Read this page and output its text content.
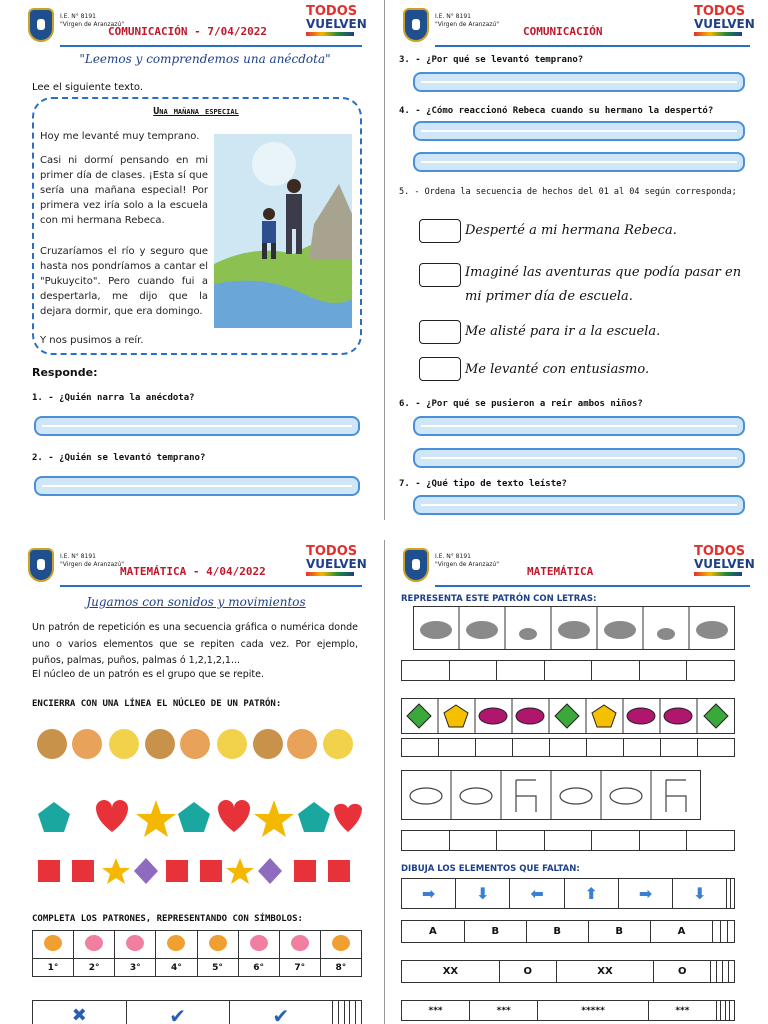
I.E. N° 8191
"Virgen de Aranzazú"
COMUNICACIÓN - 7/04/2022
TODOS
VUELVEN
"Leemos y comprendemos una anécdota"
Lee el siguiente texto.
Una mañana especial
Hoy me levanté muy temprano.
Casi ni dormí pensando en mi primer día de clases. ¡Esta sí que sería una mañana especial! Por primera vez iría solo a la escuela con mi hermana Rebeca.
Cruzaríamos el río y seguro que hasta nos pondríamos a cantar el "Pukuycito". Pero cuando fui a despertarla, me dijo que la dejara dormir, que era domingo.
Y nos pusimos a reír.
Responde:
1. - ¿Quién narra la anécdota?
2. - ¿Quién se levantó temprano?
I.E. N° 8191
"Virgen de Aranzazú"
COMUNICACIÓN
TODOS
VUELVEN
3. - ¿Por qué se levantó temprano?
4. - ¿Cómo reaccionó Rebeca cuando su hermano la despertó?
5. - Ordena la secuencia de hechos del 01 al 04 según corresponda;
Desperté a mi hermana Rebeca.
Imaginé las aventuras que podía pasar en mi primer día de escuela.
Me alisté para ir a la escuela.
Me levanté con entusiasmo.
6. - ¿Por qué se pusieron a reír ambos niños?
7. - ¿Qué tipo de texto leíste?
I.E. N° 8191
"Virgen de Aranzazú"
MATEMÁTICA - 4/04/2022
TODOS
VUELVEN
Jugamos con sonidos y movimientos
Un patrón de repetición es una secuencia gráfica o numérica donde uno o varios elementos que se repiten cada vez. Por ejemplo, puños, palmas, puños, palmas ó 1,2,1,2,1...
El núcleo de un patrón es el grupo que se repite.
ENCIERRA CON UNA LÍNEA EL NÚCLEO DE UN PATRÓN:
COMPLETA LOS PATRONES, REPRESENTANDO CON SÍMBOLOS:

1°	2°	3°	4°	5°	6°	7°	8°
✖	✔	✔					
I.E. N° 8191
"Virgen de Aranzazú"
MATEMÁTICA
TODOS
VUELVEN
REPRESENTA ESTE PATRÓN CON LETRAS:

DIBUJA LOS ELEMENTOS QUE FALTAN:
➡	⬇	⬅	⬆	➡	⬇		
A	B	B	B	A			
XX	O	XX	O				
***	***	*****	***				
